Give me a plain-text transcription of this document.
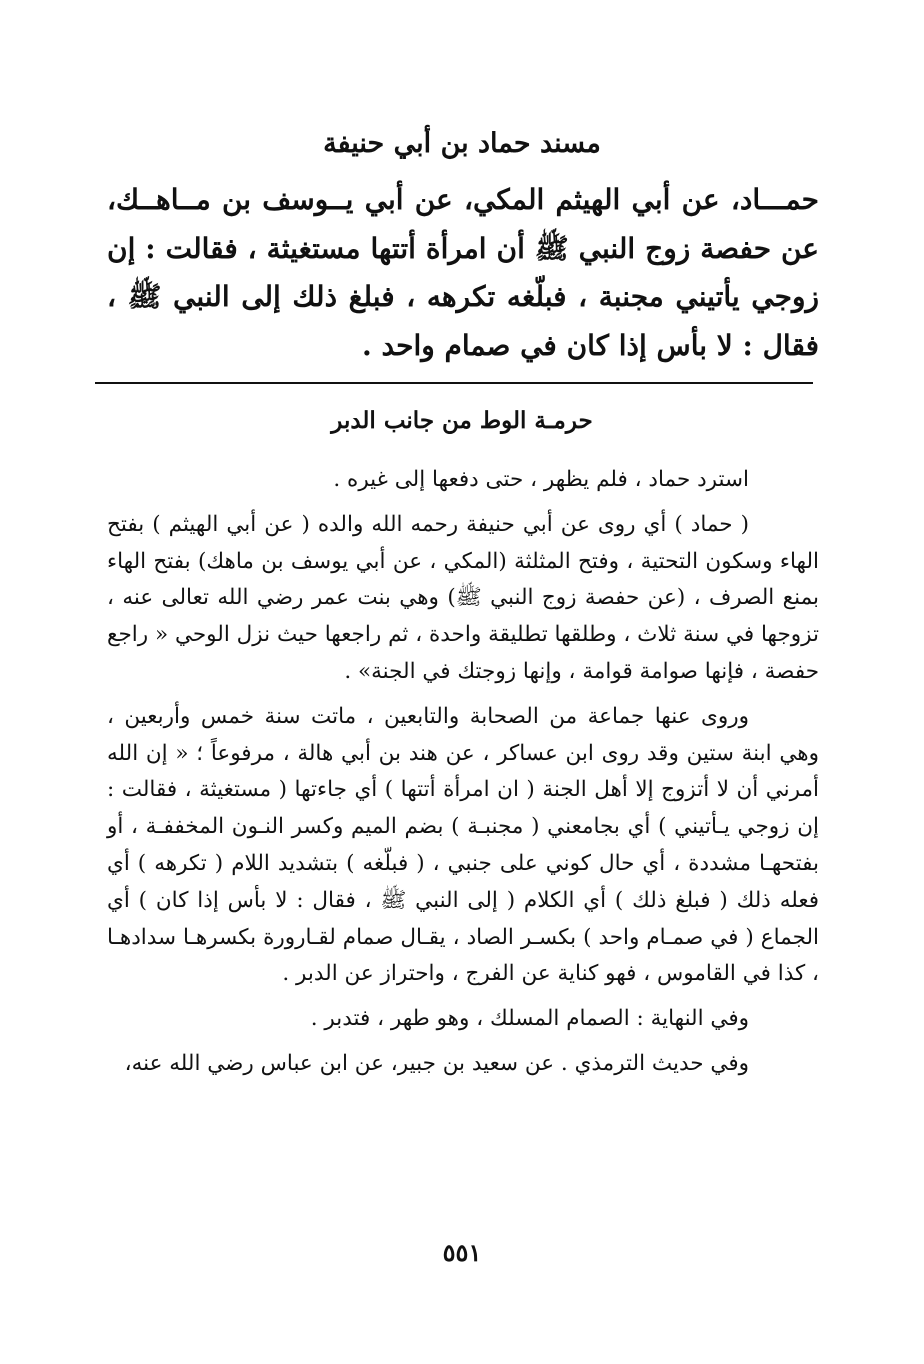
مسند حماد بن أبي حنيفة
حمـــاد، عن أبي الهيثم المكي، عن أبي يــوسف بن مــاهــك، عن حفصة زوج النبي ﷺ أن امرأة أتتها مستغيثة ، فقالت : إن زوجي يأتيني مجنبة ، فبلّغه تكرهه ، فبلغ ذلك إلى النبي ﷺ ، فقال : لا بأس إذا كان في صمام واحد .
حرمـة الوط من جانب الدبر

استرد حماد ، فلم يظهر ، حتى دفعها إلى غيره .

( حماد ) أي روى عن أبي حنيفة رحمه الله والده ( عن أبي الهيثم ) بفتح الهاء وسكون التحتية ، وفتح المثلثة (المكي ، عن أبي يوسف بن ماهك) بفتح الهاء بمنع الصرف ، (عن حفصة زوج النبي ﷺ) وهي بنت عمر رضي الله تعالى عنه ، تزوجها في سنة ثلاث ، وطلقها تطليقة واحدة ، ثم راجعها حيث نزل الوحي « راجع حفصة ، فإنها صوامة قوامة ، وإنها زوجتك في الجنة» .

وروى عنها جماعة من الصحابة والتابعين ، ماتت سنة خمس وأربعين ، وهي ابنة ستين وقد روى ابن عساكر ، عن هند بن أبي هالة ، مرفوعاً ؛ « إن الله أمرني أن لا أتزوج إلا أهل الجنة ( ان امرأة أتتها ) أي جاءتها ( مستغيثة ، فقالت : إن زوجي يـأتيني ) أي بجامعني ( مجنبـة ) بضم الميم وكسر النـون المخففـة ، أو بفتحهـا مشددة ، أي حال كوني على جنبي ، ( فبلّغه ) بتشديد اللام ( تكرهه ) أي فعله ذلك ( فبلغ ذلك ) أي الكلام ( إلى النبي ﷺ ، فقال : لا بأس إذا كان ) أي الجماع ( في صمـام واحد ) بكسـر الصاد ، يقـال صمام لقـارورة بكسرهـا سدادهـا ، كذا في القاموس ، فهو كناية عن الفرج ، واحتراز عن الدبر .

وفي النهاية : الصمام المسلك ، وهو طهر ، فتدبر .

وفي حديث الترمذي . عن سعيد بن جبير، عن ابن عباس رضي الله عنه،

٥٥١
